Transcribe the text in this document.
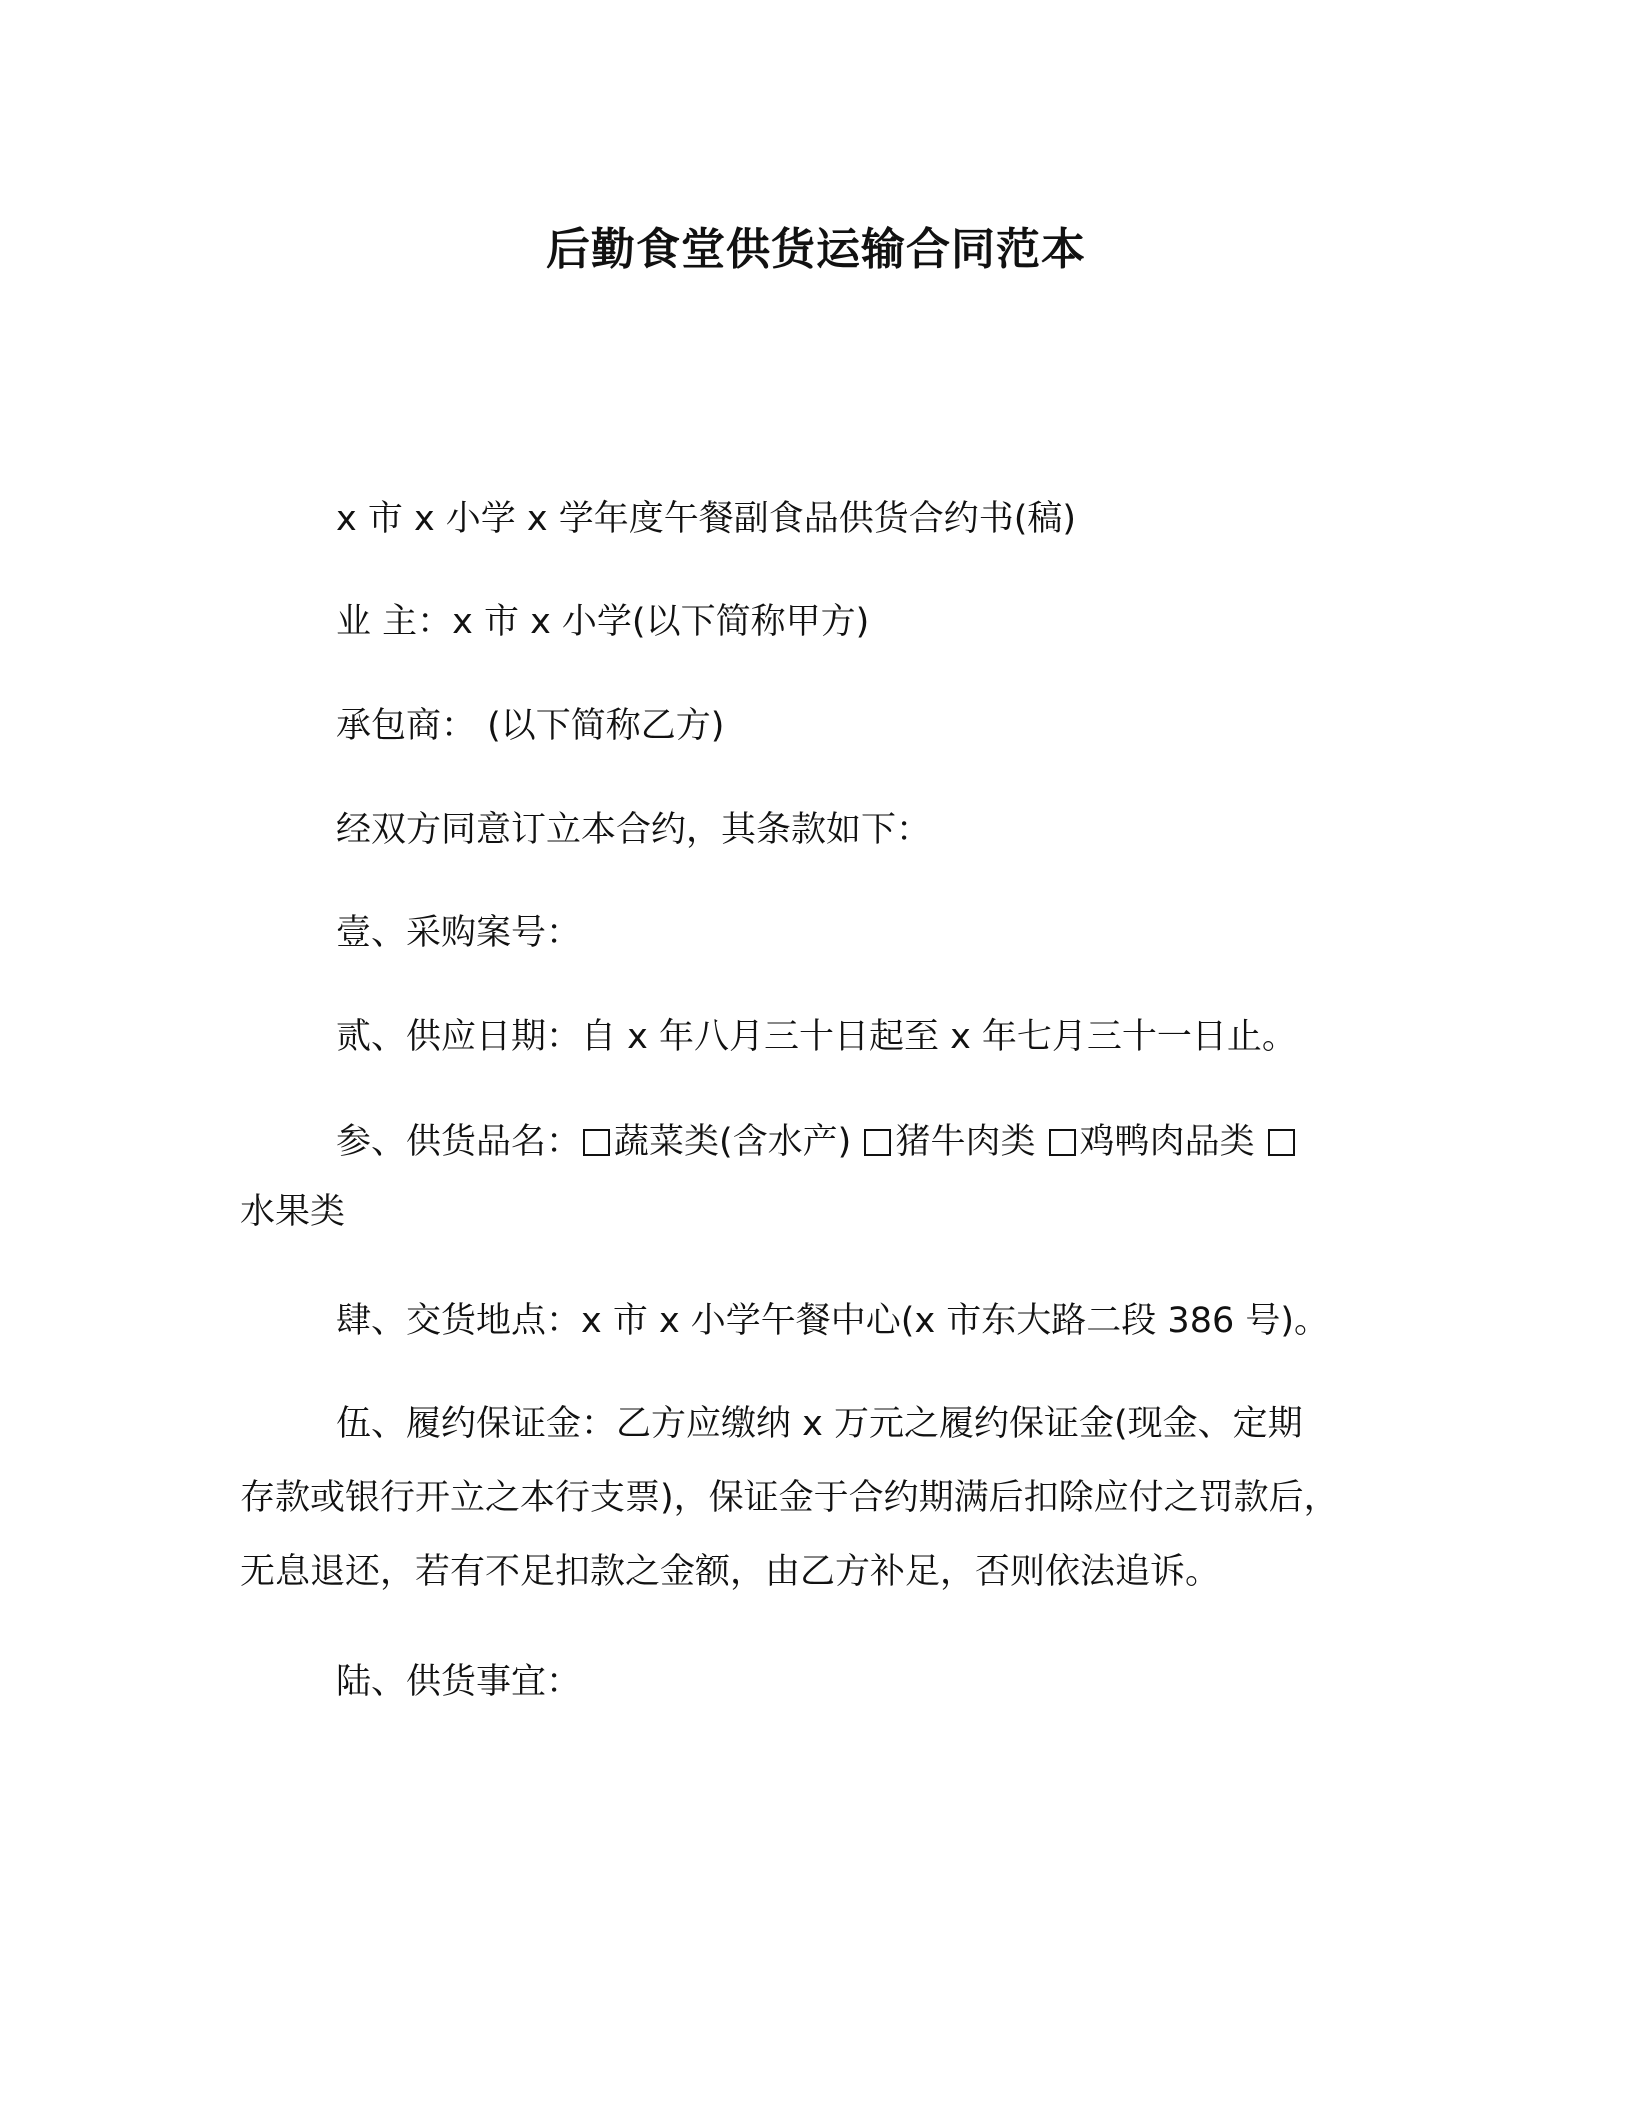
后勤食堂供货运输合同范本

x 市 x 小学 x 学年度午餐副食品供货合约书(稿)

业 主：x 市 x 小学(以下简称甲方)

承包商： (以下简称乙方)

经双方同意订立本合约，其条款如下：

壹、采购案号：

贰、供应日期：自 x 年八月三十日起至 x 年七月三十一日止。

参、供货品名： 蔬菜类(含水产) 猪牛肉类 鸡鸭肉品类
水果类

肆、交货地点：x 市 x 小学午餐中心(x 市东大路二段 386 号)。

伍、履约保证金：乙方应缴纳 x 万元之履约保证金(现金、定期
存款或银行开立之本行支票)，保证金于合约期满后扣除应付之罚款后，
无息退还，若有不足扣款之金额，由乙方补足，否则依法追诉。

陆、供货事宜：
